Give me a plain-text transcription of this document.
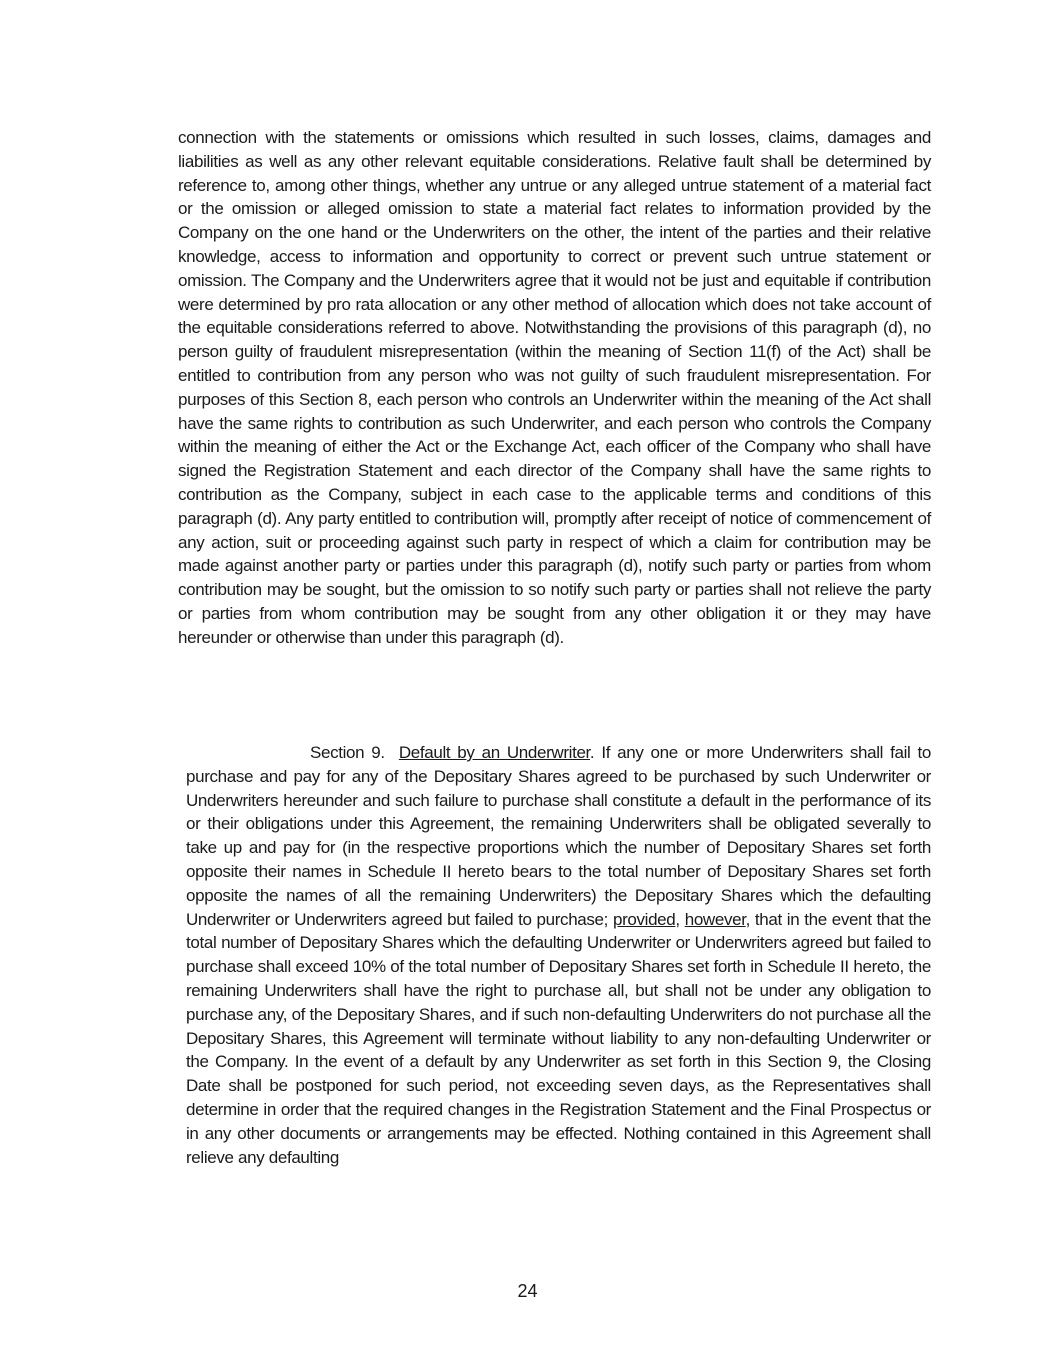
connection with the statements or omissions which resulted in such losses, claims, damages and liabilities as well as any other relevant equitable considerations. Relative fault shall be determined by reference to, among other things, whether any untrue or any alleged untrue statement of a material fact or the omission or alleged omission to state a material fact relates to information provided by the Company on the one hand or the Underwriters on the other, the intent of the parties and their relative knowledge, access to information and opportunity to correct or prevent such untrue statement or omission. The Company and the Underwriters agree that it would not be just and equitable if contribution were determined by pro rata allocation or any other method of allocation which does not take account of the equitable considerations referred to above. Notwithstanding the provisions of this paragraph (d), no person guilty of fraudulent misrepresentation (within the meaning of Section 11(f) of the Act) shall be entitled to contribution from any person who was not guilty of such fraudulent misrepresentation. For purposes of this Section 8, each person who controls an Underwriter within the meaning of the Act shall have the same rights to contribution as such Underwriter, and each person who controls the Company within the meaning of either the Act or the Exchange Act, each officer of the Company who shall have signed the Registration Statement and each director of the Company shall have the same rights to contribution as the Company, subject in each case to the applicable terms and conditions of this paragraph (d). Any party entitled to contribution will, promptly after receipt of notice of commencement of any action, suit or proceeding against such party in respect of which a claim for contribution may be made against another party or parties under this paragraph (d), notify such party or parties from whom contribution may be sought, but the omission to so notify such party or parties shall not relieve the party or parties from whom contribution may be sought from any other obligation it or they may have hereunder or otherwise than under this paragraph (d).

Section 9. Default by an Underwriter. If any one or more Underwriters shall fail to purchase and pay for any of the Depositary Shares agreed to be purchased by such Underwriter or Underwriters hereunder and such failure to purchase shall constitute a default in the performance of its or their obligations under this Agreement, the remaining Underwriters shall be obligated severally to take up and pay for (in the respective proportions which the number of Depositary Shares set forth opposite their names in Schedule II hereto bears to the total number of Depositary Shares set forth opposite the names of all the remaining Underwriters) the Depositary Shares which the defaulting Underwriter or Underwriters agreed but failed to purchase; provided, however, that in the event that the total number of Depositary Shares which the defaulting Underwriter or Underwriters agreed but failed to purchase shall exceed 10% of the total number of Depositary Shares set forth in Schedule II hereto, the remaining Underwriters shall have the right to purchase all, but shall not be under any obligation to purchase any, of the Depositary Shares, and if such non-defaulting Underwriters do not purchase all the Depositary Shares, this Agreement will terminate without liability to any non-defaulting Underwriter or the Company. In the event of a default by any Underwriter as set forth in this Section 9, the Closing Date shall be postponed for such period, not exceeding seven days, as the Representatives shall determine in order that the required changes in the Registration Statement and the Final Prospectus or in any other documents or arrangements may be effected. Nothing contained in this Agreement shall relieve any defaulting

24
